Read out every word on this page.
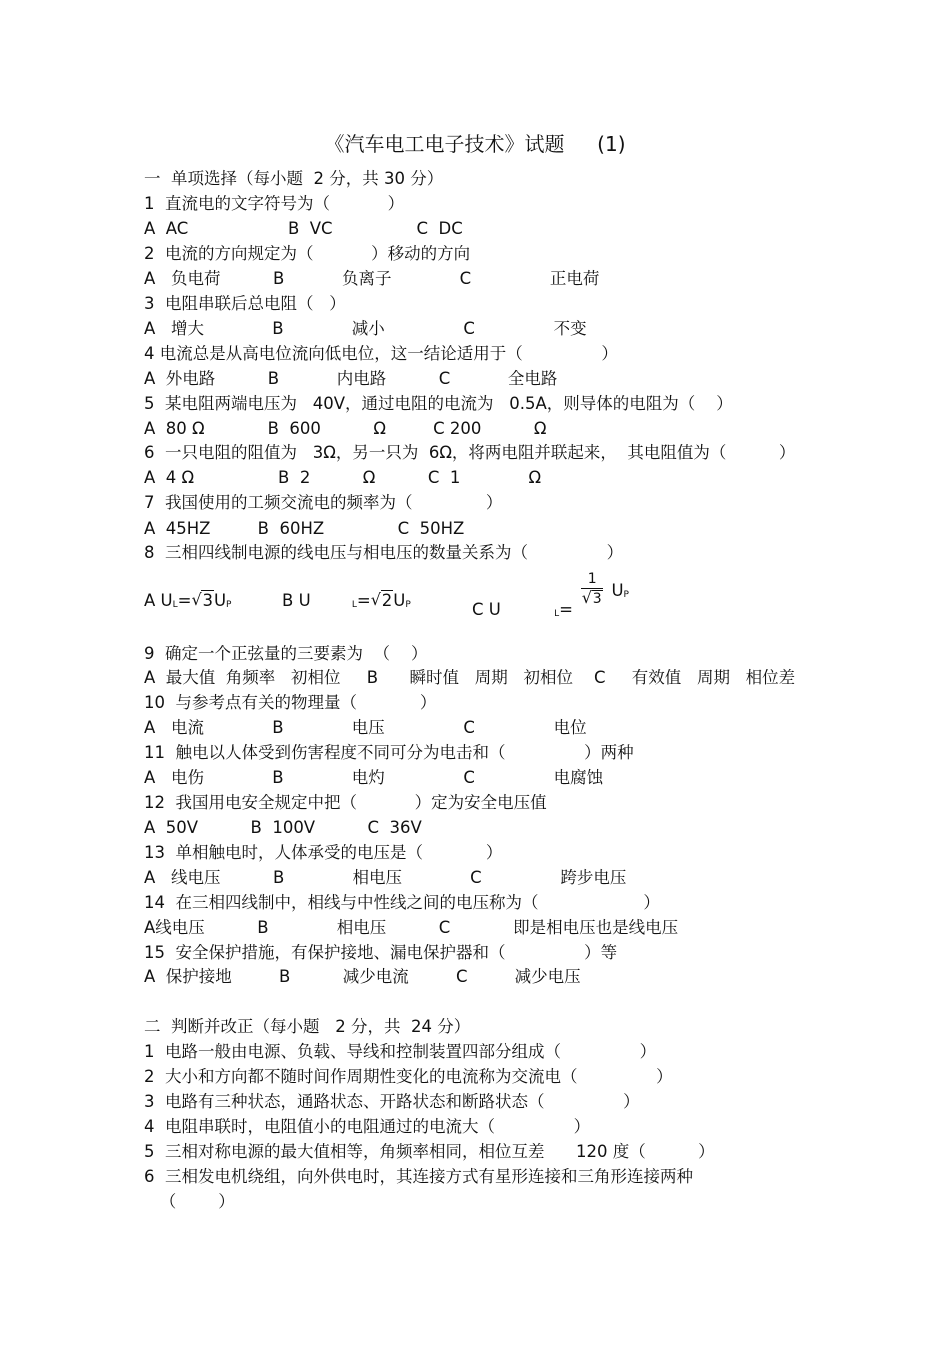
《汽车电工电子技术》试题　  (1)
一  单项选择（每小题  2 分，共 30 分）
1  直流电的文字符号为（           ）
A  AC                   B  VC                C  DC
2  电流的方向规定为（           ）移动的方向
A   负电荷          B           负离子             C               正电荷
3  电阻串联后总电阻（   ）
A   增大             B             减小               C               不变
4 电流总是从高电位流向低电位，这一结论适用于（               ）
A  外电路          B           内电路          C           全电路
5  某电阻两端电压为   40V，通过电阻的电流为   0.5A，则导体的电阻为（    ）
A  80 Ω            B  600          Ω         C 200          Ω
6  一只电阻的阻值为   3Ω，另一只为  6Ω，将两电阻并联起来，  其电阻值为（          ）
A  4 Ω                B  2          Ω          C  1             Ω
7  我国使用的工频交流电的频率为（              ）
A  45HZ         B  60HZ              C  50HZ
8  三相四线制电源的线电压与相电压的数量关系为（               ）
A UL= √ 3UP	B U	L= √ 2UP	C U	L=
1
√ 3 UP
9  确定一个正弦量的三要素为  （    ）
A  最大值  角频率   初相位     B      瞬时值   周期   初相位    C     有效值   周期   相位差
10  与参考点有关的物理量（            ）
A   电流             B             电压               C               电位
11  触电以人体受到伤害程度不同可分为电击和（               ）两种
A   电伤             B             电灼               C               电腐蚀
12  我国用电安全规定中把（           ）定为安全电压值
A  50V          B  100V          C  36V
13  单相触电时，人体承受的电压是（            ）
A   线电压          B             相电压             C               跨步电压
14  在三相四线制中，相线与中性线之间的电压称为（                    ）
A线电压          B             相电压          C            即是相电压也是线电压
15  安全保护措施，有保护接地、漏电保护器和（               ）等
A  保护接地         B          减少电流         C         减少电压
二  判断并改正（每小题   2 分，共  24 分）
1  电路一般由电源、负载、导线和控制装置四部分组成（               ）
2  大小和方向都不随时间作周期性变化的电流称为交流电（               ）
3  电路有三种状态，通路状态、开路状态和断路状态（               ）
4  电阻串联时，电阻值小的电阻通过的电流大（               ）
5  三相对称电源的最大值相等，角频率相同，相位互差      120 度（          ）
6  三相发电机绕组，向外供电时，其连接方式有星形连接和三角形连接两种
（        ）
